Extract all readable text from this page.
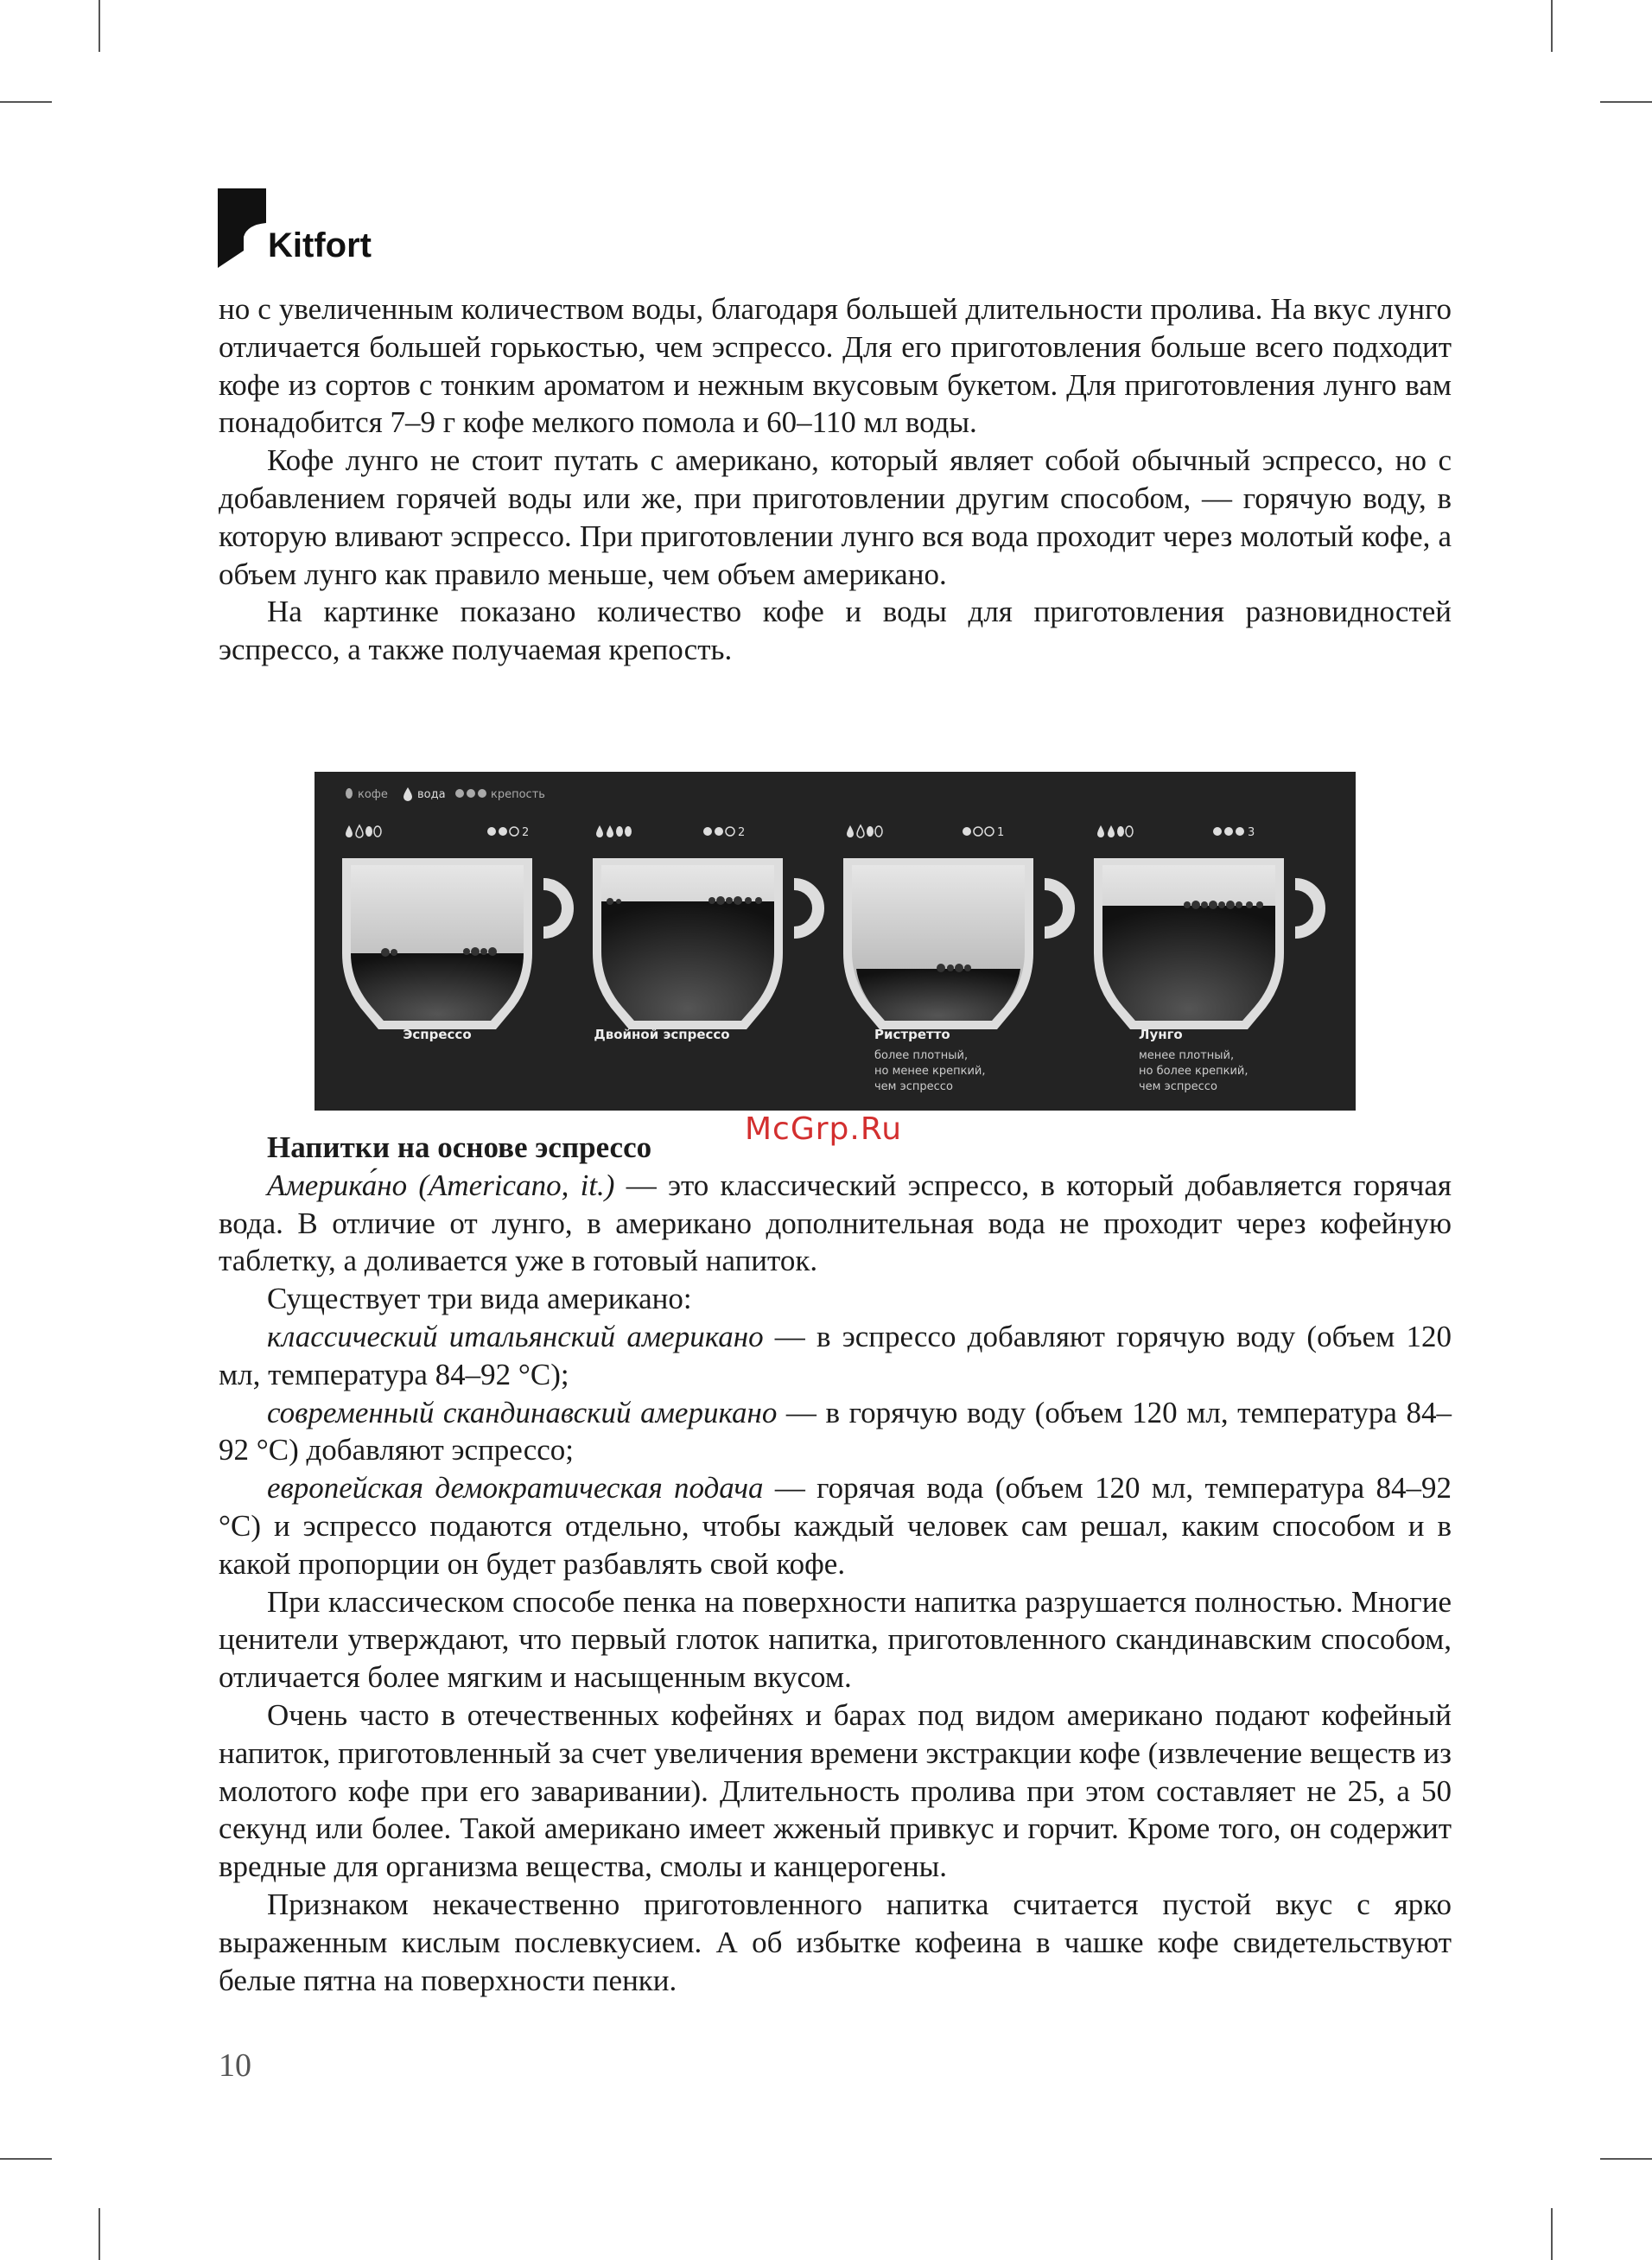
Kitfort

но с увеличенным количеством воды, благодаря большей длительности пролива. На вкус лунго отличается большей горькостью, чем эспрессо. Для его приготовления больше всего подходит кофе из сортов с тонким ароматом и нежным вкусовым букетом. Для приготовления лунго вам понадобится 7–9 г кофе мелкого помола и 60–110 мл воды.

Кофе лунго не стоит путать с американо, который являет собой обычный эспрессо, но с добавлением горячей воды или же, при приготовлении другим способом, — горячую воду, в которую вливают эспрессо. При приготовлении лунго вся вода проходит через молотый кофе, а объем лунго как правило меньше, чем объем американо.

На картинке показано количество кофе и воды для приготовления разновидностей эспрессо, а также получаемая крепость.

кофе	вода	крепость
2
Эспрессо
2
Двойной эспрессо
1
Ристретто
более плотный,
но менее крепкий,
чем эспрессо
3
Лунго
менее плотный,
но более крепкий,
чем эспрессо
McGrp.Ru

Напитки на основе эспрессо

Америка́но (Americano, it.) — это классический эспрессо, в который добавляется горячая вода. В отличие от лунго, в американо дополнительная вода не проходит через кофейную таблетку, а доливается уже в готовый напиток.

Существует три вида американо:

классический итальянский американо — в эспрессо добавляют горячую воду (объем 120 мл, температура 84–92 °C);

современный скандинавский американо — в горячую воду (объем 120 мл, температура 84–92 °C) добавляют эспрессо;

европейская демократическая подача — горячая вода (объем 120 мл, температура 84–92 °C) и эспрессо подаются отдельно, чтобы каждый человек сам решал, каким способом и в какой пропорции он будет разбавлять свой кофе.

При классическом способе пенка на поверхности напитка разрушается полностью. Многие ценители утверждают, что первый глоток напитка, приготовленного скандинавским способом, отличается более мягким и насыщенным вкусом.

Очень часто в отечественных кофейнях и барах под видом американо подают кофейный напиток, приготовленный за счет увеличения времени экстракции кофе (извлечение веществ из молотого кофе при его заваривании). Длительность пролива при этом составляет не 25, а 50 секунд или более. Такой американо имеет жженый привкус и горчит. Кроме того, он содержит вредные для организма вещества, смолы и канцерогены.

Признаком некачественно приготовленного напитка считается пустой вкус с ярко выраженным кислым послевкусием. А об избытке кофеина в чашке кофе свидетельствуют белые пятна на поверхности пенки.

10
